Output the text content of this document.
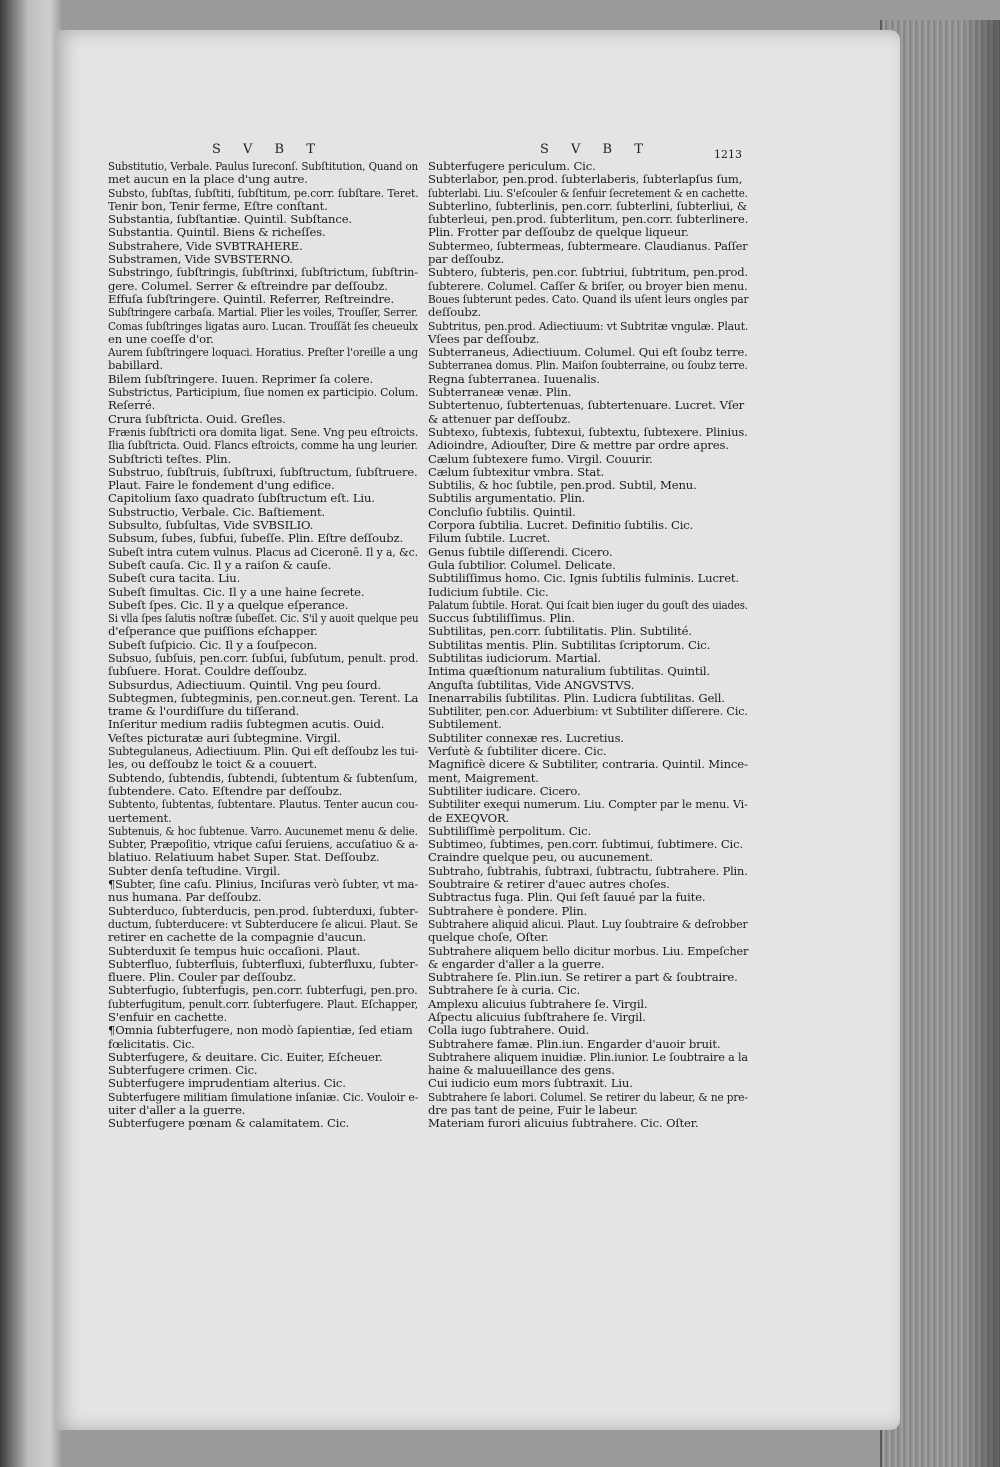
S V B T	S V B T	1213
Substitutio, Verbale. Paulus Iureconſ. Subſtitution, Quand on
met aucun en la place d'ung autre.
Substo, ſubſtas, ſubſtiti, ſubſtitum, pe.corr. ſubſtare. Teret.
Tenir bon, Tenir ferme, Eſtre conſtant.
Substantia, ſubſtantiæ. Quintil. Subſtance.
Substantia. Quintil. Biens & richeſſes.
Substrahere, Vide SVBTRAHERE.
Substramen, Vide SVBSTERNO.
Substringo, ſubſtringis, ſubſtrinxi, ſubſtrictum, ſubſtrin-
gere. Columel. Serrer & eſtreindre par deſſoubz.
Effuſa ſubſtringere. Quintil. Referrer, Reſtreindre.
Subſtringere carbaſa. Martial. Plier les voiles, Trouſſer, Serrer.
Comas ſubſtringes ligatas auro. Lucan. Trouſſăt ſes cheueulx
en une coeſſe d'or.
Aurem ſubſtringere loquaci. Horatius. Preſter l'oreille a ung
babillard.
Bilem ſubſtringere. Iuuen. Reprimer ſa colere.
Substrictus, Participium, ſiue nomen ex participio. Colum.
Reſerré.
Crura ſubſtricta. Ouid. Greſles.
Frænis ſubſtricti ora domita ligat. Sene. Vng peu eſtroicts.
Ilia ſubſtricta. Ouid. Flancs eſtroicts, comme ha ung leurier.
Subſtricti teſtes. Plin.
Substruo, ſubſtruis, ſubſtruxi, ſubſtructum, ſubſtruere.
Plaut. Faire le fondement d'ung edifice.
Capitolium ſaxo quadrato ſubſtructum eſt. Liu.
Substructio, Verbale. Cic. Baſtiement.
Subsulto, ſubſultas, Vide SVBSILIO.
Subsum, ſubes, ſubfui, ſubeſſe. Plin. Eſtre deſſoubz.
Subeſt intra cutem vulnus. Placus ad Ciceronē. Il y a, &c.
Subeſt cauſa. Cic. Il y a raiſon & cauſe.
Subeſt cura tacita. Liu.
Subeſt ſimultas. Cic. Il y a une haine ſecrete.
Subeſt ſpes. Cic. Il y a quelque eſperance.
Si vlla ſpes ſalutis noſtræ ſubeſſet. Cic. S'il y auoit quelque peu
d'eſperance que puiſſions eſchapper.
Subeſt ſuſpicio. Cic. Il y a ſouſpecon.
Subsuo, ſubſuis, pen.corr. ſubſui, ſubſutum, penult. prod.
ſubſuere. Horat. Couldre deſſoubz.
Subsurdus, Adiectiuum. Quintil. Vng peu ſourd.
Subtegmen, ſubtegminis, pen.cor.neut.gen. Terent. La
trame & l'ourdiſſure du tiſſerand.
Inſeritur medium radiis ſubtegmen acutis. Ouid.
Veſtes picturatæ auri ſubtegmine. Virgil.
Subtegulaneus, Adiectiuum. Plin. Qui eſt deſſoubz les tui-
les, ou deſſoubz le toict & a couuert.
Subtendo, ſubtendis, ſubtendi, ſubtentum & ſubtenſum,
ſubtendere. Cato. Eſtendre par deſſoubz.
Subtento, ſubtentas, ſubtentare. Plautus. Tenter aucun cou-
uertement.
Subtenuis, & hoc ſubtenue. Varro. Aucunemet menu & delie.
Subter, Præpoſitio, vtrique caſui ſeruiens, accuſatiuo & a-
blatiuo. Relatiuum habet Super. Stat. Deſſoubz.
Subter denſa teſtudine. Virgil.
¶Subter, ſine caſu. Plinius, Inciſuras verò ſubter, vt ma-
nus humana. Par deſſoubz.
Subterduco, ſubterducis, pen.prod. ſubterduxi, ſubter-
ductum, ſubterducere: vt Subterducere ſe alicui. Plaut. Se
retirer en cachette de la compagnie d'aucun.
Subterduxit ſe tempus huic occaſioni. Plaut.
Subterfluo, ſubterfluis, ſubterfluxi, ſubterfluxu, ſubter-
fluere. Plin. Couler par deſſoubz.
Subterfugio, ſubterfugis, pen.corr. ſubterfugi, pen.pro.
ſubterfugitum, penult.corr. ſubterfugere. Plaut. Eſchapper,
S'enfuir en cachette.
¶Omnia ſubterfugere, non modò ſapientiæ, ſed etiam
fœlicitatis. Cic.
Subterfugere, & deuitare. Cic. Euiter, Eſcheuer.
Subterfugere crimen. Cic.
Subterfugere imprudentiam alterius. Cic.
Subterfugere militiam ſimulatione inſaniæ. Cic. Vouloir e-
uiter d'aller a la guerre.
Subterfugere pœnam & calamitatem. Cic.
Subterfugere periculum. Cic.
Subterlabor, pen.prod. ſubterlaberis, ſubterlapſus ſum,
ſubterlabi. Liu. S'eſcouler & ſenfuir ſecretement & en cachette.
Subterlino, ſubterlinis, pen.corr. ſubterlini, ſubterliui, &
ſubterleui, pen.prod. ſubterlitum, pen.corr. ſubterlinere.
Plin. Frotter par deſſoubz de quelque liqueur.
Subtermeo, ſubtermeas, ſubtermeare. Claudianus. Paſſer
par deſſoubz.
Subtero, ſubteris, pen.cor. ſubtriui, ſubtritum, pen.prod.
ſubterere. Columel. Caſſer & briſer, ou broyer bien menu.
Boues ſubterunt pedes. Cato. Quand ils uſent leurs ongles par
deſſoubz.
Subtritus, pen.prod. Adiectiuum: vt Subtritæ vngulæ. Plaut.
Vſees par deſſoubz.
Subterraneus, Adiectiuum. Columel. Qui eſt ſoubz terre.
Subterranea domus. Plin. Maiſon ſoubterraine, ou ſoubz terre.
Regna ſubterranea. Iuuenalis.
Subterraneæ venæ. Plin.
Subtertenuo, ſubtertenuas, ſubtertenuare. Lucret. Vſer
& attenuer par deſſoubz.
Subtexo, ſubtexis, ſubtexui, ſubtextu, ſubtexere. Plinius.
Adioindre, Adiouſter, Dire & mettre par ordre apres.
Cælum ſubtexere fumo. Virgil. Couurir.
Cælum ſubtexitur vmbra. Stat.
Subtilis, & hoc ſubtile, pen.prod. Subtil, Menu.
Subtilis argumentatio. Plin.
Concluſio ſubtilis. Quintil.
Corpora ſubtilia. Lucret. Definitio ſubtilis. Cic.
Filum ſubtile. Lucret.
Genus ſubtile diſſerendi. Cicero.
Gula ſubtilior. Columel. Delicate.
Subtiliſſimus homo. Cic. Ignis ſubtilis fulminis. Lucret.
Iudicium ſubtile. Cic.
Palatum ſubtile. Horat. Qui ſcait bien iuger du gouſt des uiades.
Succus ſubtiliſſimus. Plin.
Subtilitas, pen.corr. ſubtilitatis. Plin. Subtilité.
Subtilitas mentis. Plin. Subtilitas ſcriptorum. Cic.
Subtilitas iudiciorum. Martial.
Intima quæſtionum naturalium ſubtilitas. Quintil.
Anguſta ſubtilitas, Vide ANGVSTVS.
Inenarrabilis ſubtilitas. Plin. Ludicra ſubtilitas. Gell.
Subtiliter, pen.cor. Aduerbium: vt Subtiliter diſſerere. Cic.
Subtilement.
Subtiliter connexæ res. Lucretius.
Verſutè & ſubtiliter dicere. Cic.
Magnificè dicere & Subtiliter, contraria. Quintil. Mince-
ment, Maigrement.
Subtiliter iudicare. Cicero.
Subtiliter exequi numerum. Liu. Compter par le menu. Vi-
de EXEQVOR.
Subtiliſſimè perpolitum. Cic.
Subtimeo, ſubtimes, pen.corr. ſubtimui, ſubtimere. Cic.
Craindre quelque peu, ou aucunement.
Subtraho, ſubtrahis, ſubtraxi, ſubtractu, ſubtrahere. Plin.
Soubtraire & retirer d'auec autres choſes.
Subtractus fuga. Plin. Qui ſeſt ſauué par la fuite.
Subtrahere è pondere. Plin.
Subtrahere aliquid alicui. Plaut. Luy ſoubtraire & deſrobber
quelque choſe, Oſter.
Subtrahere aliquem bello dicitur morbus. Liu. Empeſcher
& engarder d'aller a la guerre.
Subtrahere ſe. Plin.iun. Se retirer a part & ſoubtraire.
Subtrahere ſe à curia. Cic.
Amplexu alicuius ſubtrahere ſe. Virgil.
Aſpectu alicuius ſubſtrahere ſe. Virgil.
Colla iugo ſubtrahere. Ouid.
Subtrahere famæ. Plin.iun. Engarder d'auoir bruit.
Subtrahere aliquem inuidiæ. Plin.iunior. Le ſoubtraire a la
haine & maluueillance des gens.
Cui iudicio eum mors ſubtraxit. Liu.
Subtrahere ſe labori. Columel. Se retirer du labeur, & ne pre-
dre pas tant de peine, Fuir le labeur.
Materiam furori alicuius ſubtrahere. Cic. Oſter.
